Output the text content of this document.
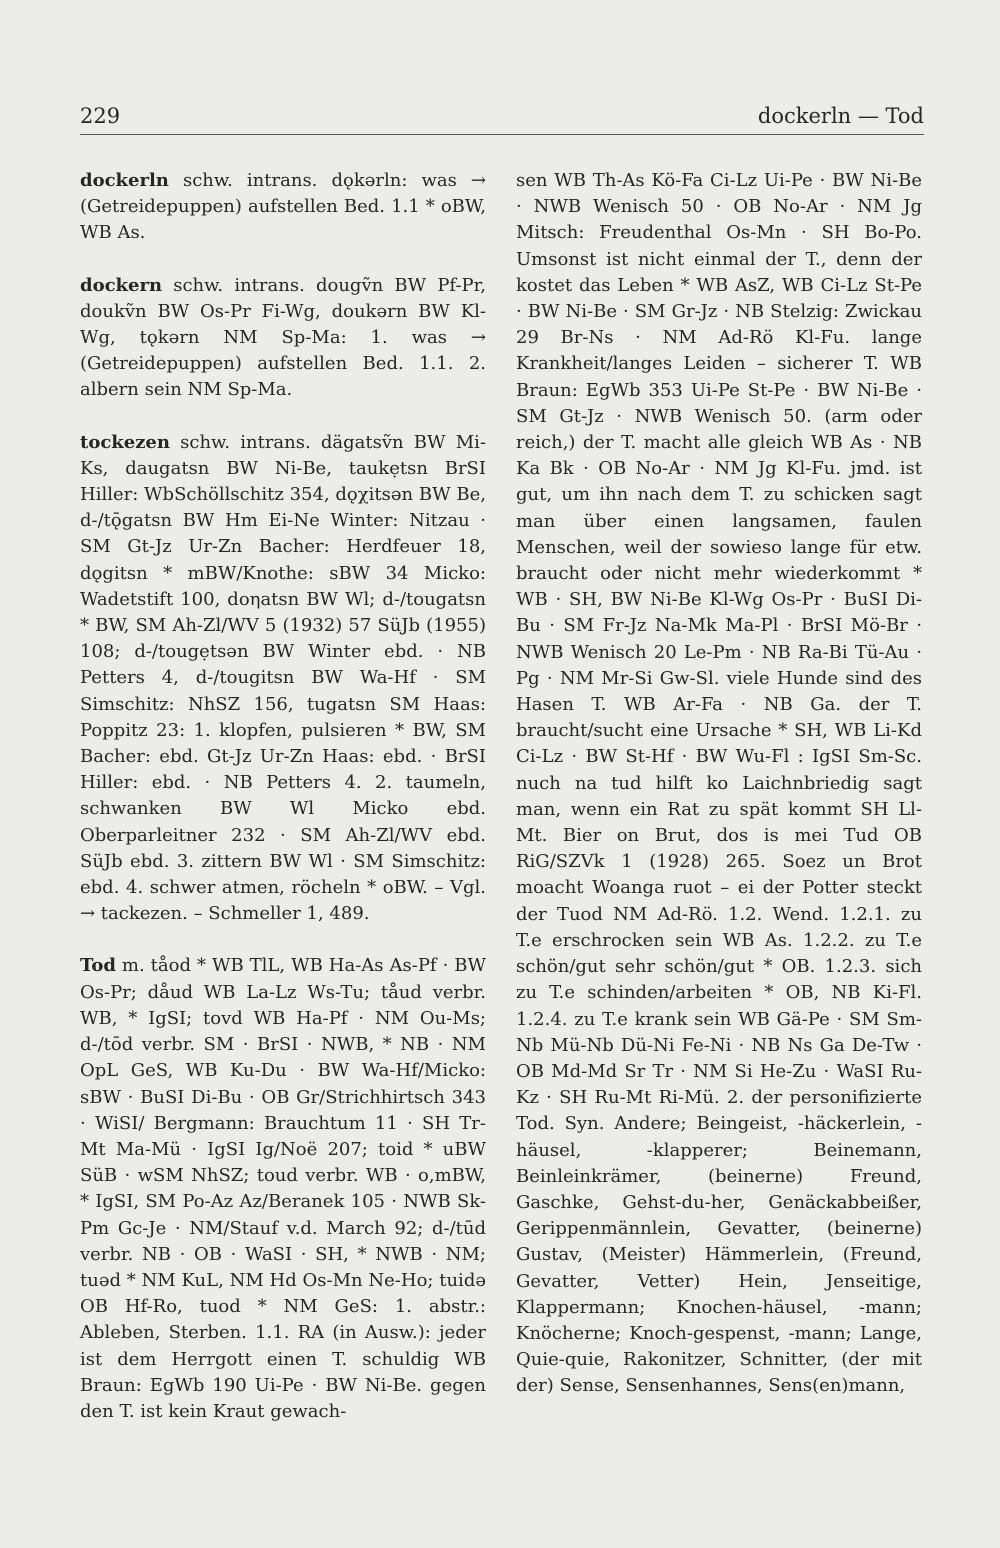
229	dockerln — Tod

dockerln schw. intrans. dǫkərln: was → (Getreidepuppen) aufstellen Bed. 1.1 * oBW, WB As.

dockern schw. intrans. dougṽn BW Pf-Pr, doukṽn BW Os-Pr Fi-Wg, doukərn BW Kl-Wg, tǫkərn NM Sp-Ma: 1. was → (Getreidepuppen) aufstellen Bed. 1.1. 2. albern sein NM Sp-Ma.

tockezen schw. intrans. dägatsṽn BW Mi-Ks, daugatsn BW Ni-Be, taukẹtsn BrSI Hiller: WbSchöllschitz 354, dǫχitsən BW Be, d-/tǭgatsn BW Hm Ei-Ne Winter: Nitzau · SM Gt-Jz Ur-Zn Bacher: Herdfeuer 18, dǫgitsn * mBW/Knothe: sBW 34 Micko: Wadetstift 100, doηatsn BW Wl; d-/tougatsn * BW, SM Ah-Zl/WV 5 (1932) 57 SüJb (1955) 108; d-/tougẹtsən BW Winter ebd. · NB Petters 4, d-/tougitsn BW Wa-Hf · SM Simschitz: NhSZ 156, tugatsn SM Haas: Poppitz 23: 1. klopfen, pulsieren * BW, SM Bacher: ebd. Gt-Jz Ur-Zn Haas: ebd. · BrSI Hiller: ebd. · NB Petters 4. 2. taumeln, schwanken BW Wl Micko ebd. Oberparleitner 232 · SM Ah-Zl/WV ebd. SüJb ebd. 3. zittern BW Wl · SM Simschitz: ebd. 4. schwer atmen, röcheln * oBW. – Vgl. → tackezen. – Schmeller 1, 489.

Tod m. tåod * WB TlL, WB Ha-As As-Pf · BW Os-Pr; dåud WB La-Lz Ws-Tu; tåud verbr. WB, * IgSI; tovd WB Ha-Pf · NM Ou-Ms; d-/tōd verbr. SM · BrSI · NWB, * NB · NM OpL GeS, WB Ku-Du · BW Wa-Hf/Micko: sBW · BuSI Di-Bu · OB Gr/Strichhirtsch 343 · WiSI/ Bergmann: Brauchtum 11 · SH Tr-Mt Ma-Mü · IgSI Ig/Noë 207; toid * uBW SüB · wSM NhSZ; toud verbr. WB · o,mBW, * IgSI, SM Po-Az Az/Beranek 105 · NWB Sk-Pm Gc-Je · NM/Stauf v.d. March 92; d-/tūd verbr. NB · OB · WaSI · SH, * NWB · NM; tuəd * NM KuL, NM Hd Os-Mn Ne-Ho; tuidə OB Hf-Ro, tuod * NM GeS: 1. abstr.: Ableben, Sterben. 1.1. RA (in Ausw.): jeder ist dem Herrgott einen T. schuldig WB Braun: EgWb 190 Ui-Pe · BW Ni-Be. gegen den T. ist kein Kraut gewach-

sen WB Th-As Kö-Fa Ci-Lz Ui-Pe · BW Ni-Be · NWB Wenisch 50 · OB No-Ar · NM Jg Mitsch: Freudenthal Os-Mn · SH Bo-Po. Umsonst ist nicht einmal der T., denn der kostet das Leben * WB AsZ, WB Ci-Lz St-Pe · BW Ni-Be · SM Gr-Jz · NB Stelzig: Zwickau 29 Br-Ns · NM Ad-Rö Kl-Fu. lange Krankheit/langes Leiden – sicherer T. WB Braun: EgWb 353 Ui-Pe St-Pe · BW Ni-Be · SM Gt-Jz · NWB Wenisch 50. (arm oder reich,) der T. macht alle gleich WB As · NB Ka Bk · OB No-Ar · NM Jg Kl-Fu. jmd. ist gut, um ihn nach dem T. zu schicken sagt man über einen langsamen, faulen Menschen, weil der sowieso lange für etw. braucht oder nicht mehr wiederkommt * WB · SH, BW Ni-Be Kl-Wg Os-Pr · BuSI Di-Bu · SM Fr-Jz Na-Mk Ma-Pl · BrSI Mö-Br · NWB Wenisch 20 Le-Pm · NB Ra-Bi Tü-Au · Pg · NM Mr-Si Gw-Sl. viele Hunde sind des Hasen T. WB Ar-Fa · NB Ga. der T. braucht/sucht eine Ursache * SH, WB Li-Kd Ci-Lz · BW St-Hf · BW Wu-Fl : IgSI Sm-Sc. nuch na tud hilft ko Laichnbriedig sagt man, wenn ein Rat zu spät kommt SH Ll-Mt. Bier on Brut, dos is mei Tud OB RiG/SZVk 1 (1928) 265. Soez un Brot moacht Woanga ruot – ei der Potter steckt der Tuod NM Ad-Rö. 1.2. Wend. 1.2.1. zu T.e erschrocken sein WB As. 1.2.2. zu T.e schön/gut sehr schön/gut * OB. 1.2.3. sich zu T.e schinden/arbeiten * OB, NB Ki-Fl. 1.2.4. zu T.e krank sein WB Gä-Pe · SM Sm-Nb Mü-Nb Dü-Ni Fe-Ni · NB Ns Ga De-Tw · OB Md-Md Sr Tr · NM Si He-Zu · WaSI Ru-Kz · SH Ru-Mt Ri-Mü. 2. der personifizierte Tod. Syn. Andere; Beingeist, -häckerlein, -häusel, -klapperer; Beinemann, Beinleinkrämer, (beinerne) Freund, Gaschke, Gehst-du-her, Genäckabbeißer, Gerippenmännlein, Gevatter, (beinerne) Gustav, (Meister) Hämmerlein, (Freund, Gevatter, Vetter) Hein, Jenseitige, Klappermann; Knochen-häusel, -mann; Knöcherne; Knoch-gespenst, -mann; Lange, Quie-quie, Rakonitzer, Schnitter, (der mit der) Sense, Sensenhannes, Sens(en)mann,
